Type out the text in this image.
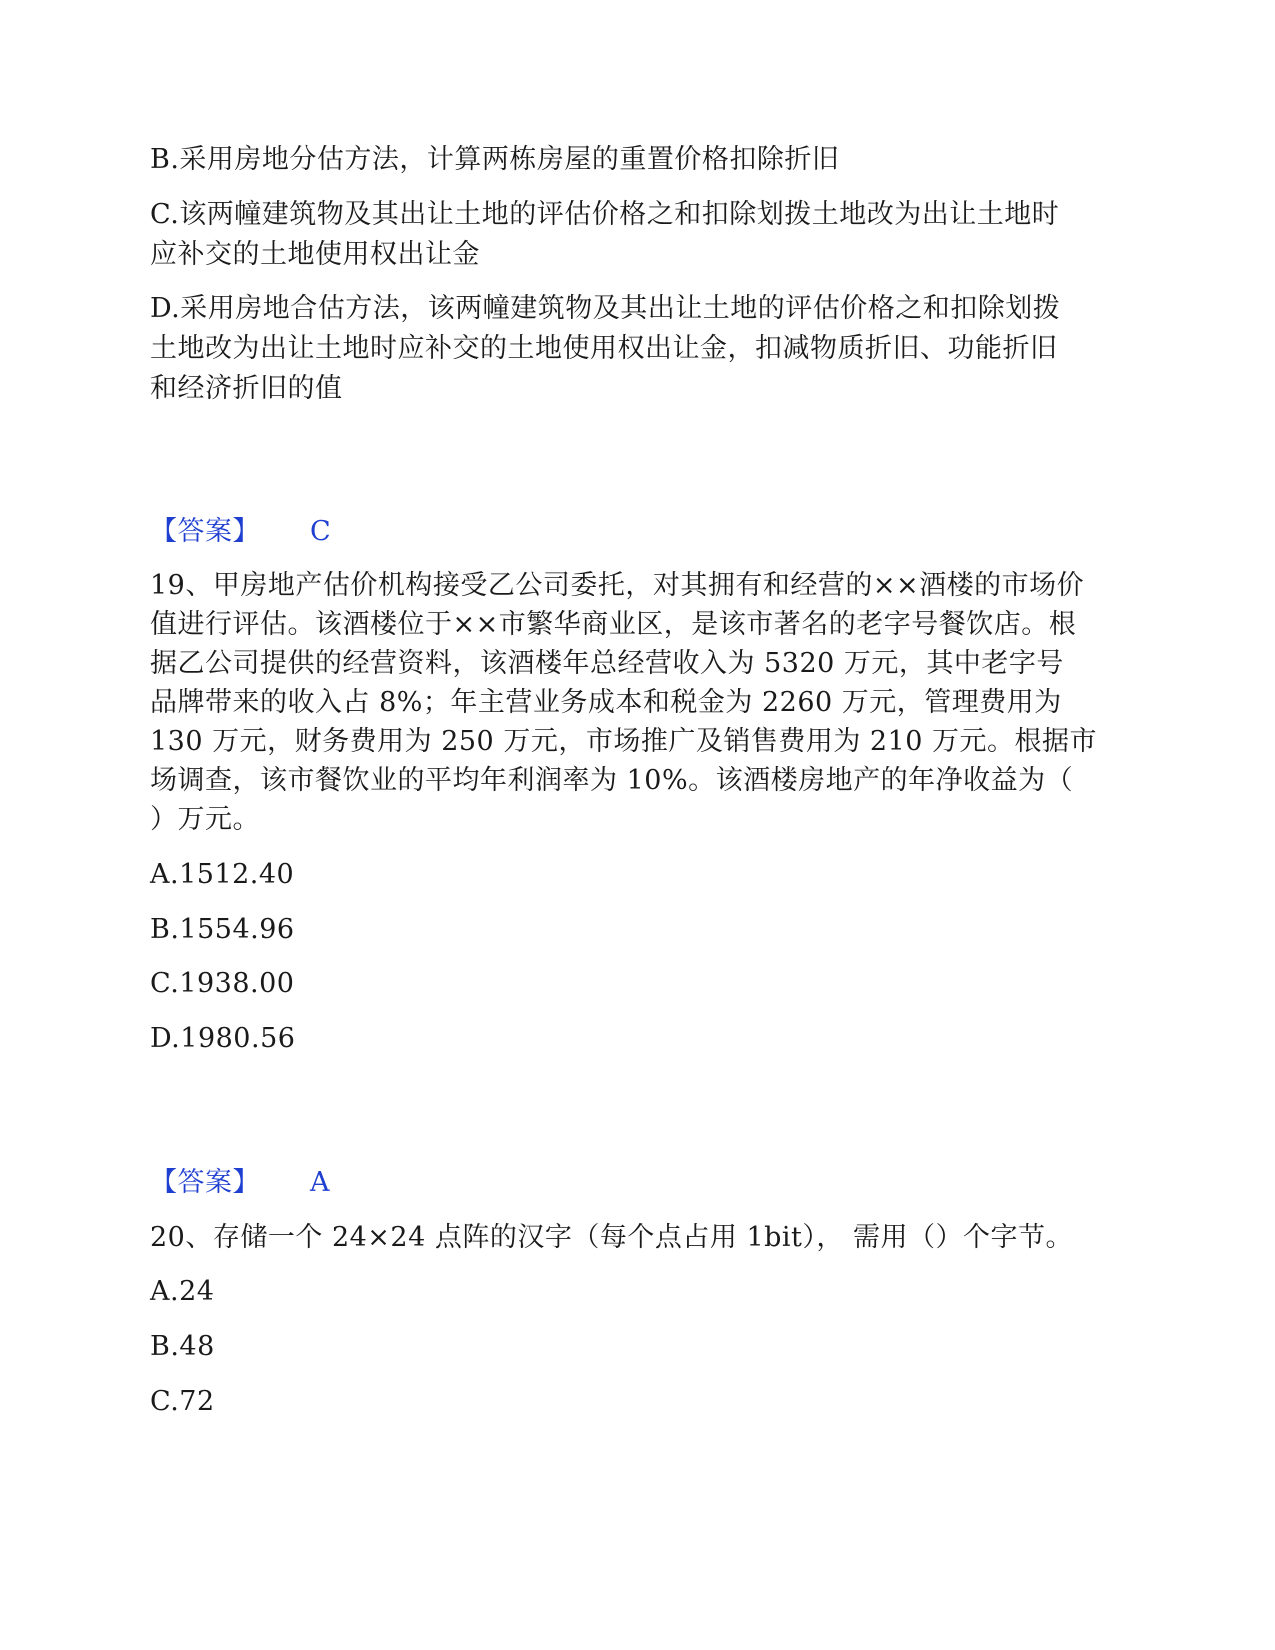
B.采用房地分估方法，计算两栋房屋的重置价格扣除折旧
C.该两幢建筑物及其出让土地的评估价格之和扣除划拨土地改为出让土地时
应补交的土地使用权出让金
D.采用房地合估方法，该两幢建筑物及其出让土地的评估价格之和扣除划拨
土地改为出让土地时应补交的土地使用权出让金，扣减物质折旧、功能折旧
和经济折旧的值
【答案】 C
19、甲房地产估价机构接受乙公司委托，对其拥有和经营的××酒楼的市场价
值进行评估。该酒楼位于××市繁华商业区，是该市著名的老字号餐饮店。根
据乙公司提供的经营资料，该酒楼年总经营收入为 5320 万元，其中老字号
品牌带来的收入占 8%；年主营业务成本和税金为 2260 万元，管理费用为
130 万元，财务费用为 250 万元，市场推广及销售费用为 210 万元。根据市
场调查，该市餐饮业的平均年利润率为 10%。该酒楼房地产的年净收益为（
）万元。
A.1512.40
B.1554.96
C.1938.00
D.1980.56
【答案】 A
20、存储一个 24×24 点阵的汉字（每个点占用 1bit）， 需用（）个字节。
A.24
B.48
C.72
